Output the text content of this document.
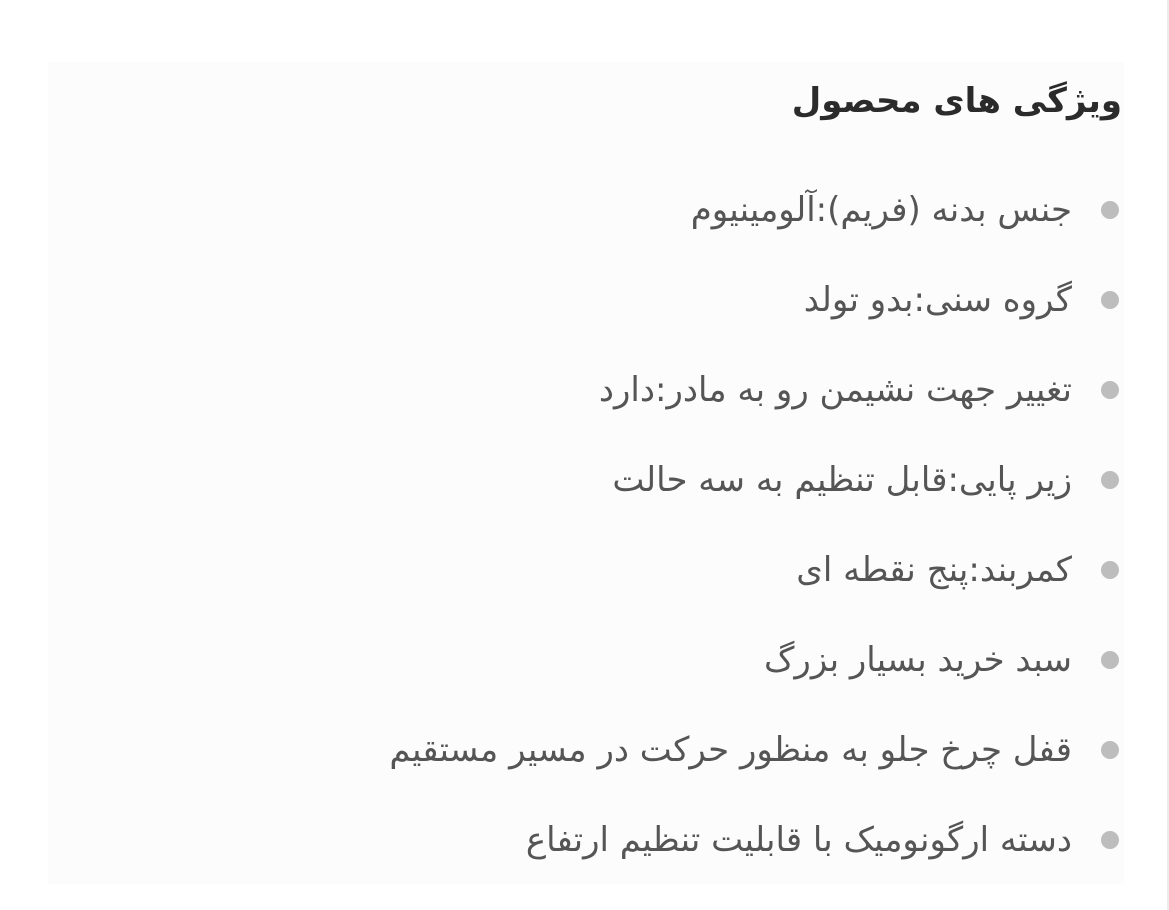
ویژگی های محصول
جنس بدنه (فریم):آلومینیوم
گروه سنی:بدو تولد
تغییر جهت نشیمن رو به مادر:دارد
زیر پایی:قابل تنظیم به سه حالت
کمربند:پنج نقطه ای
سبد خرید بسیار بزرگ
قفل چرخ جلو به منظور حرکت در مسیر مستقیم
دسته ارگونومیک با قابلیت تنظیم ارتفاع
